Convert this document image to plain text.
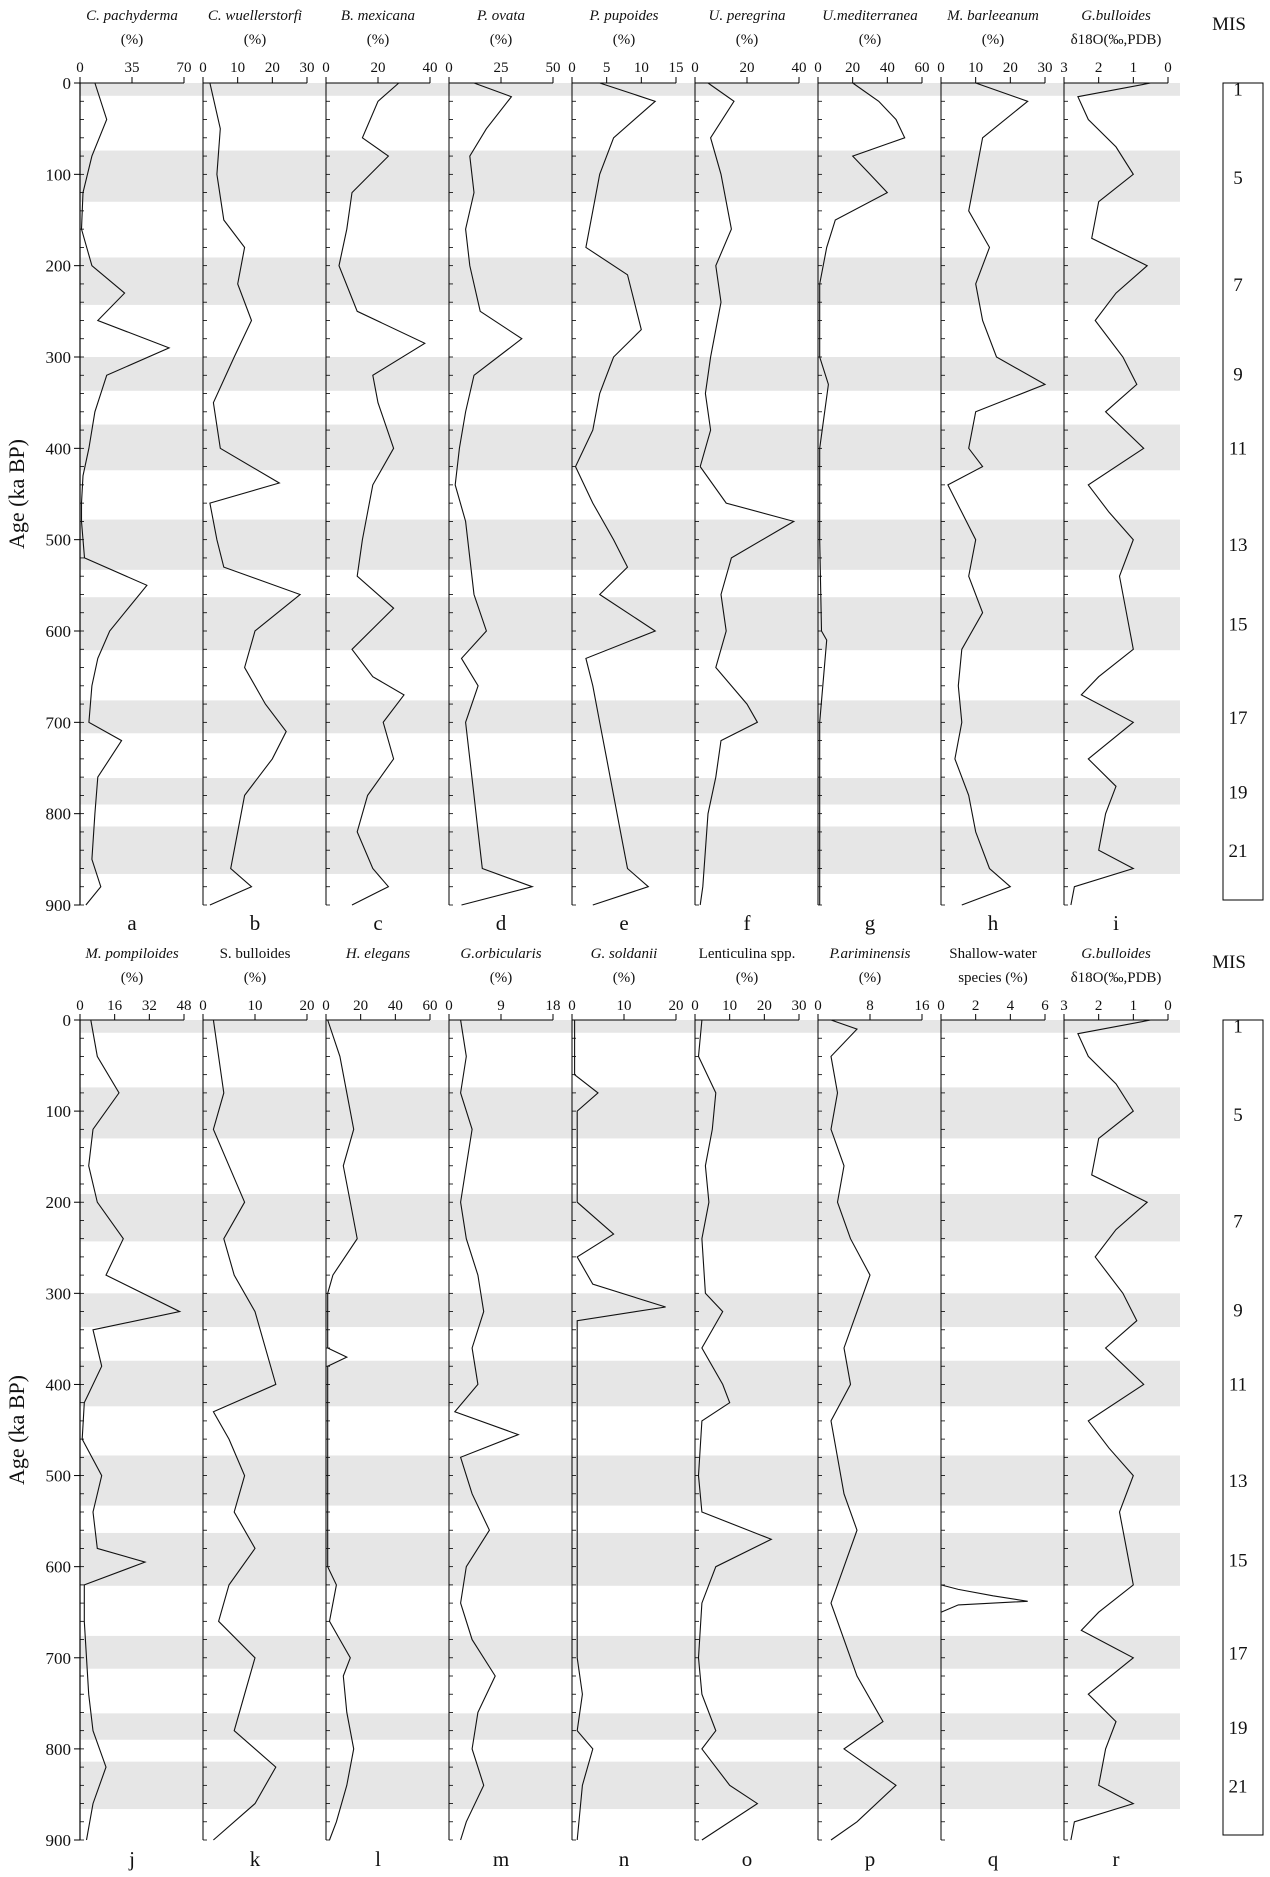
0
100
200
300
400
500
600
700
800
900
Age (ka BP)
MIS
1
5
7
9
11
13
15
17
19
21
0	35 70
C. pachyderma
(%)
a
0 10 20 30
C. wuellerstorfi
(%)
b
0	20 40
B. mexicana
(%)
c
0	25 50
P. ovata
(%)
d
0 5 10 15
P. pupoides
(%)
e
0	20 40
U. peregrina
(%)
f
0 20 40 60
U.mediterranea
(%)
g
0 10 20 30
M. barleeanum
(%)
h
3 2 1 0
G.bulloides
δ18O(‰,PDB)
i
0
100
200
300
400
500
600
700
800
900
Age (ka BP)
MIS
1
5
7
9
11
13
15
17
19
21
0 16 32 48
M. pompiloides
(%)
j
0	10 20
S. bulloides
(%)
k
0 20 40 60
H. elegans
l
0	9	18
G.orbicularis
(%)
m
0	10 20
G. soldanii
(%)
n
0 10 20 30
Lenticulina spp.
(%)
o
0	8	16
P.ariminensis
(%)
p
0 2 4 6
Shallow-water
species (%)
q
3 2 1 0
G.bulloides
δ18O(‰,PDB)
r
